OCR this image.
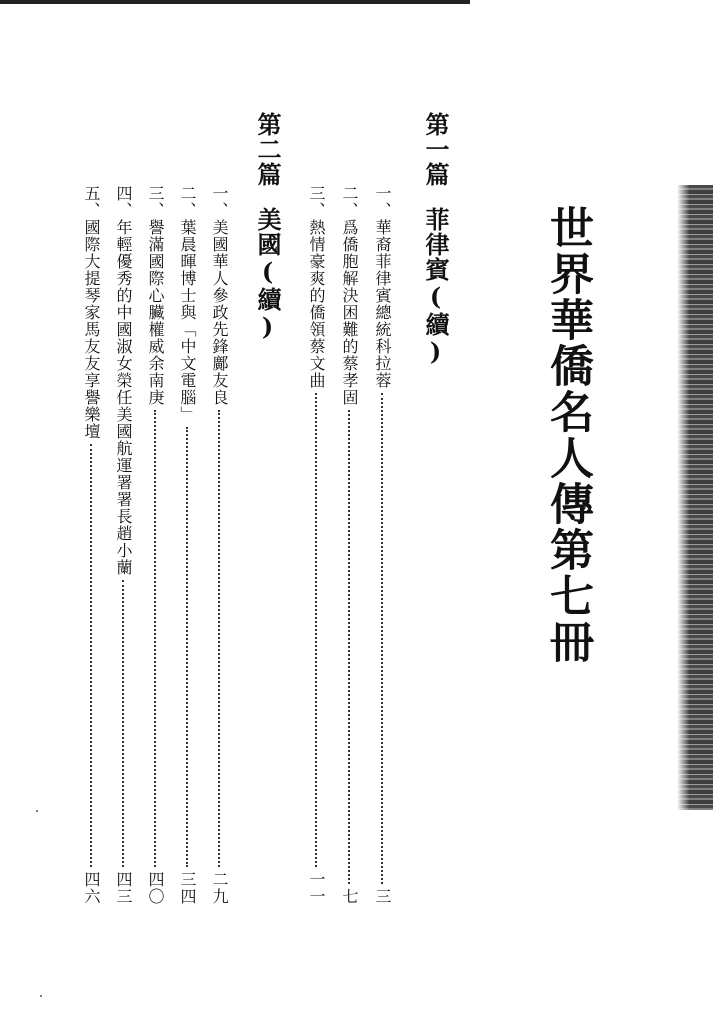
世界華僑名人傳
第七冊
第一篇菲律賓(續)
一
、
華裔菲律賓總統科拉蓉
三
二
、
爲僑胞解決困難的蔡孝固
七
三
、
熱情豪爽的僑領蔡文曲
一一
第二篇美國(續)
一
、
美國華人參政先鋒鄺友良
二九
二
、
葉晨暉博士與「中文電腦」
三四
三
、
譽滿國際心臟權威余南庚
四〇
四
、
年輕優秀的中國淑女榮任美國航運署署長趙小蘭
四三
五
、
國際大提琴家馬友友享譽樂壇
四六
